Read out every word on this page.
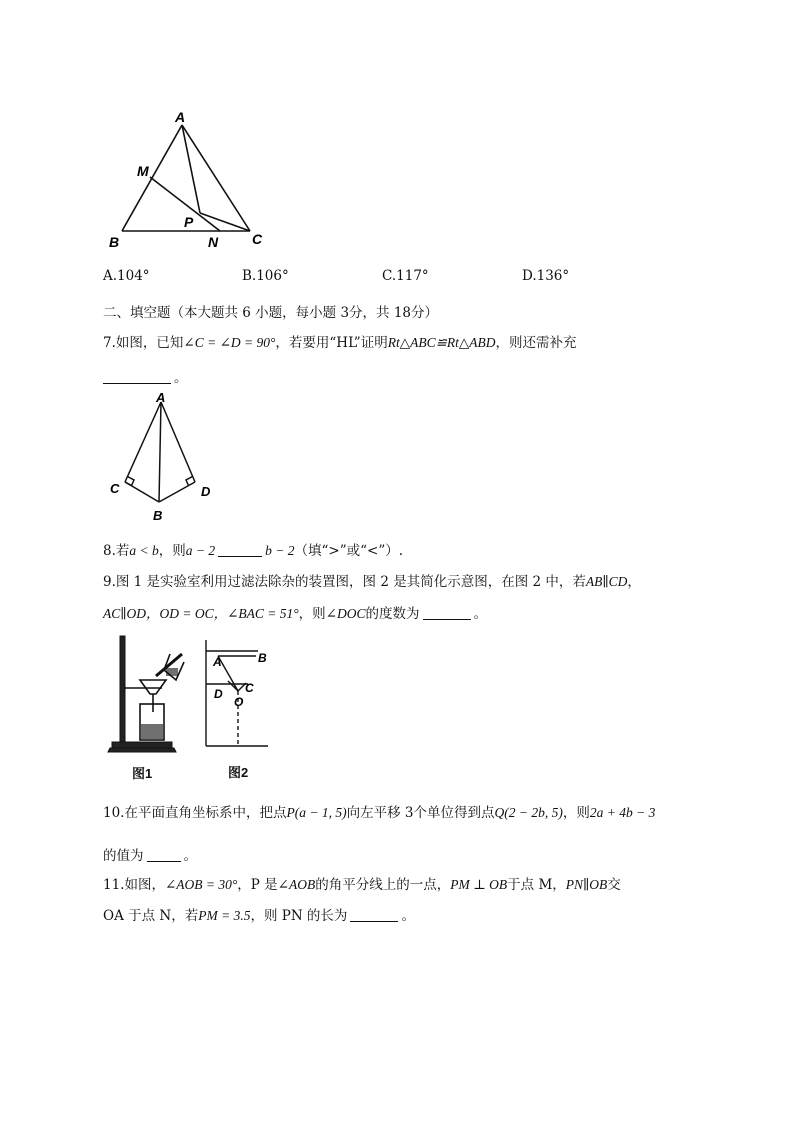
A
M
P
B	N C
A.104°	B.106°	C.117°	D.136°
二、填空题（本大题共 6 小题，每小题 3分，共 18分）
7.如图，已知∠C = ∠D = 90°，若要用“HL”证明Rt△ABC≌Rt△ABD，则还需补充
。
A
C	D
B
8.若a < b，则a − 2	b − 2（填“>”或“<”）.
9.图 1 是实验室利用过滤法除杂的装置图，图 2 是其简化示意图，在图 2 中，若AB∥CD，
AC∥OD，OD = OC，∠BAC = 51°，则∠DOC的度数为	。
图1
A	B
D C
O
图2
10.在平面直角坐标系中，把点P(a − 1, 5)向左平移 3个单位得到点Q(2 − 2b, 5)，则2a + 4b − 3
的值为	。
11.如图，∠AOB = 30°，P 是∠AOB的角平分线上的一点，PM ⊥ OB于点 M，PN∥OB交
OA 于点 N，若PM = 3.5，则 PN 的长为	。
